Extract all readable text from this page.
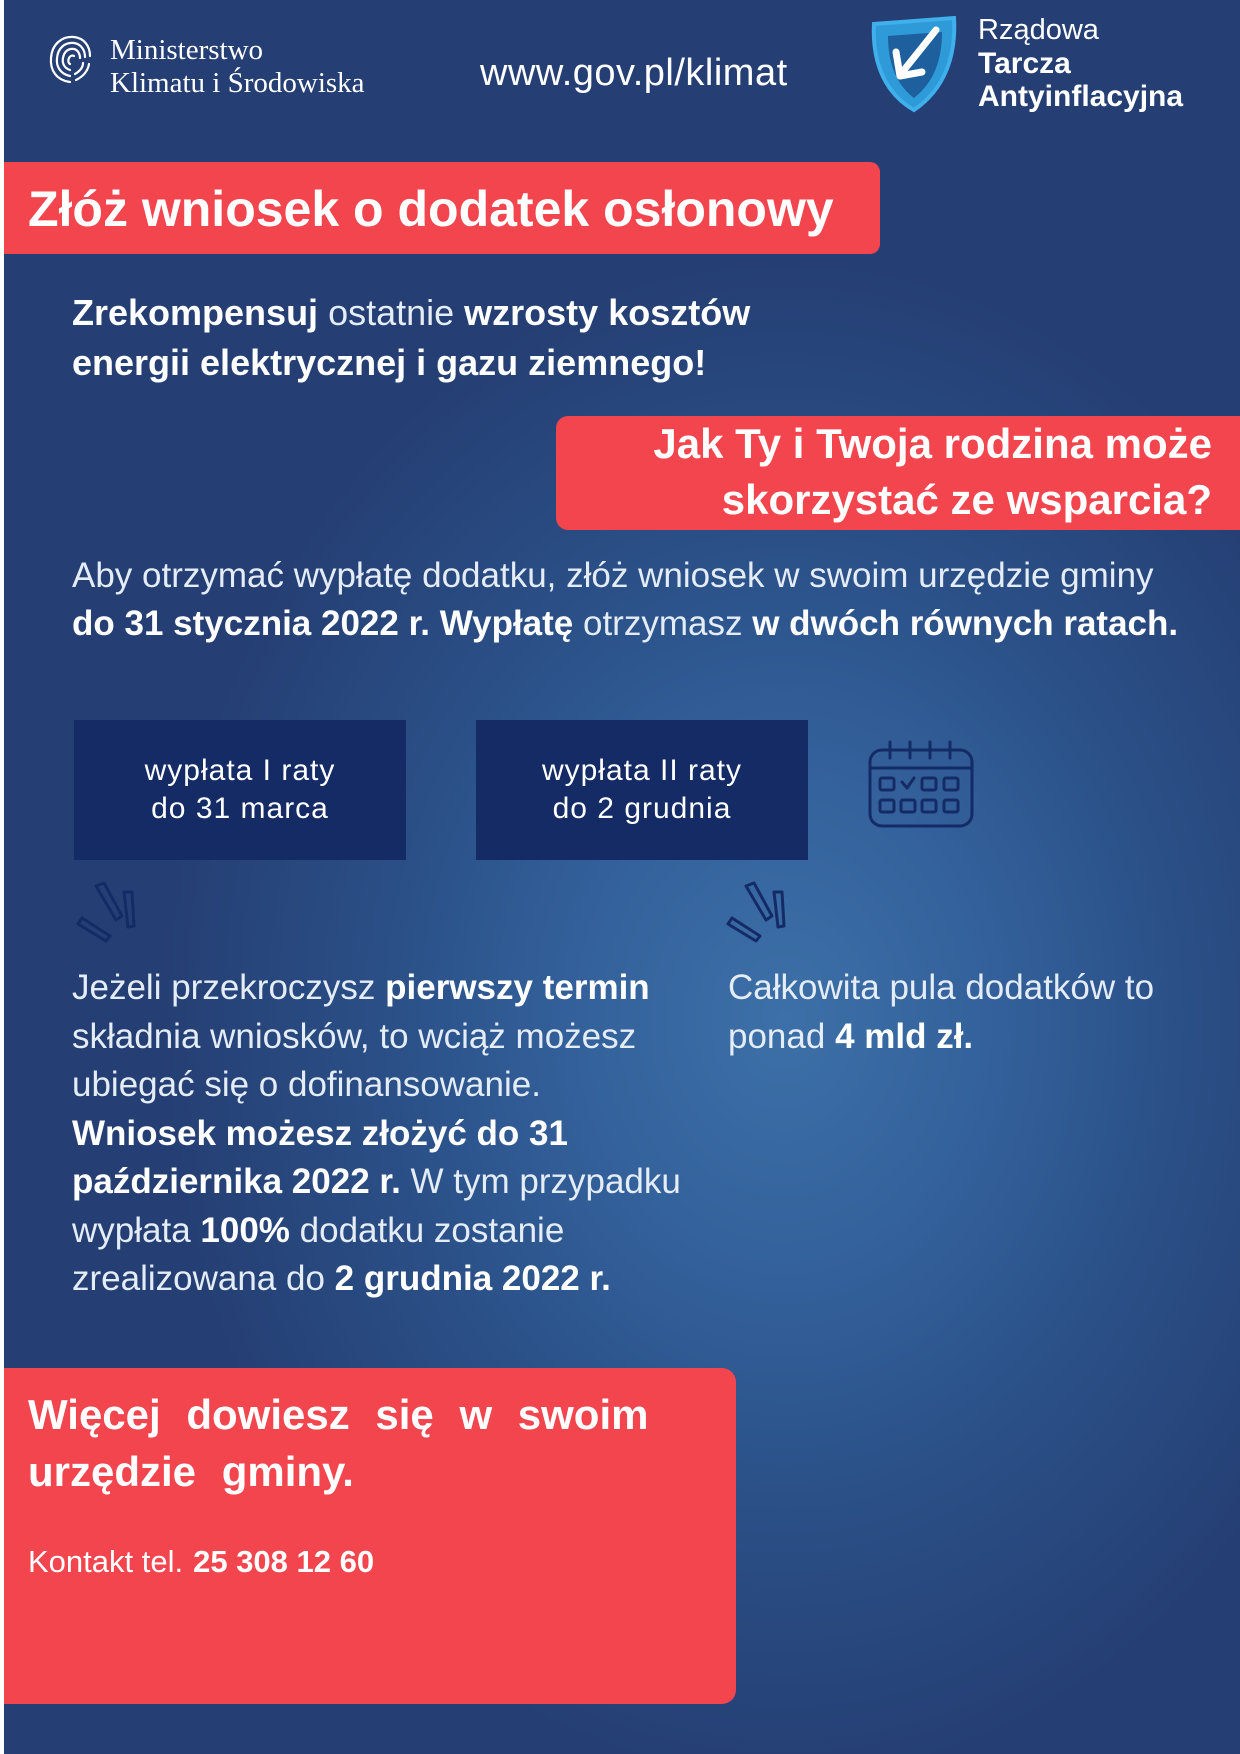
Ministerstwo
Klimatu i Środowiska	www.gov.pl/klimat
Rządowa
Tarcza
Antyinflacyjna
Złóż wniosek o dodatek osłonowy
Zrekompensuj ostatnie wzrosty kosztów
energii elektrycznej i gazu ziemnego!
Jak Ty i Twoja rodzina może
skorzystać ze wsparcia?
Aby otrzymać wypłatę dodatku, złóż wniosek w swoim urzędzie gminy
do 31 stycznia 2022 r. Wypłatę otrzymasz w dwóch równych ratach.
wypłata I raty
do 31 marca
wypłata II raty
do 2 grudnia
Jeżeli przekroczysz pierwszy termin składnia wniosków, to wciąż możesz ubiegać się o dofinansowanie. Wniosek możesz złożyć do 31 października 2022 r. W tym przypadku wypłata 100% dodatku zostanie zrealizowana do 2 grudnia 2022 r.
Całkowita pula dodatków to ponad 4 mld zł.
Więcej dowiesz się w swoim urzędzie gminy.
Kontakt tel. 25 308 12 60
